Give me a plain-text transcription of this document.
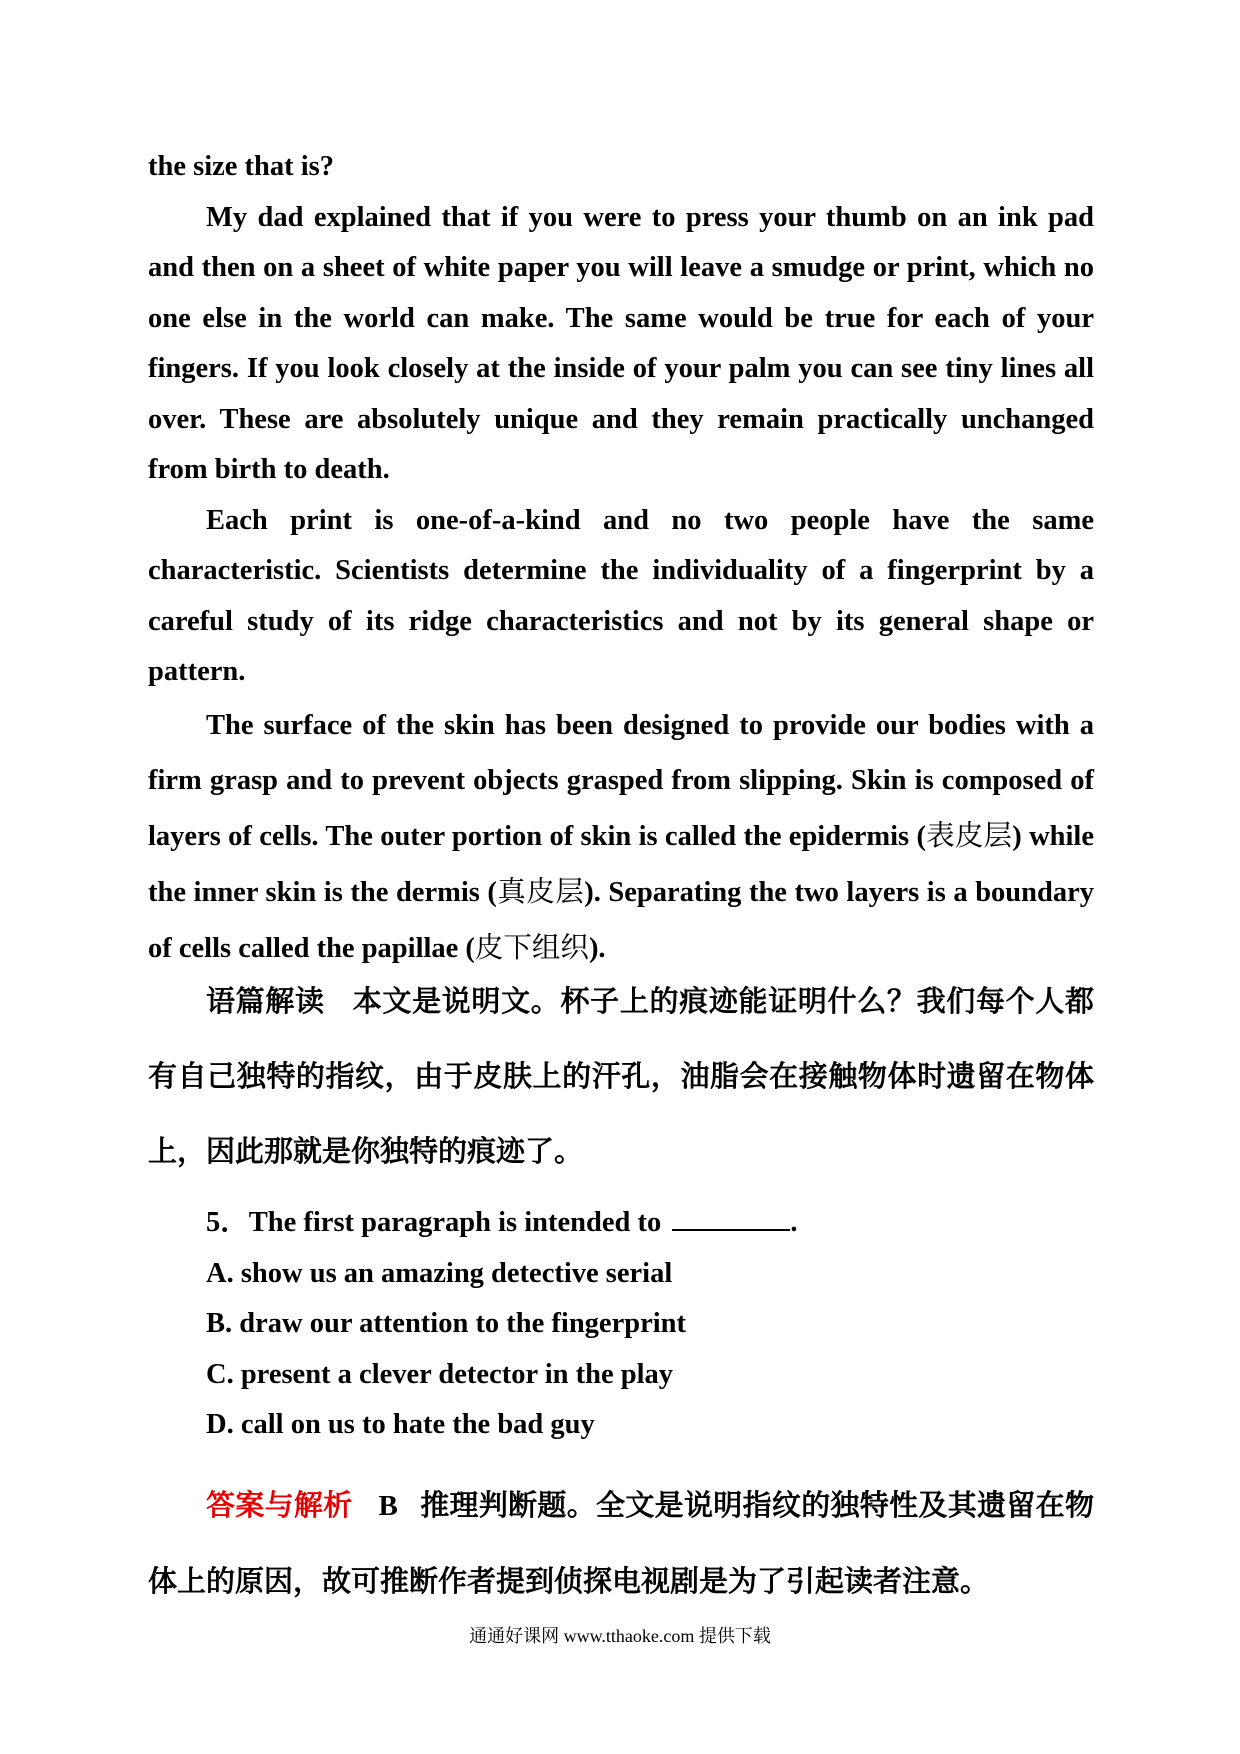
the size that is?

My dad explained that if you were to press your thumb on an ink pad and then on a sheet of white paper you will leave a smudge or print, which no one else in the world can make. The same would be true for each of your fingers. If you look closely at the inside of your palm you can see tiny lines all over. These are absolutely unique and they remain practically unchanged from birth to death.

Each print is one-of-a-kind and no two people have the same characteristic. Scientists determine the individuality of a fingerprint by a careful study of its ridge characteristics and not by its general shape or pattern.

The surface of the skin has been designed to provide our bodies with a firm grasp and to prevent objects grasped from slipping. Skin is composed of layers of cells. The outer portion of skin is called the epidermis (表皮层) while the inner skin is the dermis (真皮层). Separating the two layers is a boundary of cells called the papillae (皮下组织).

语篇解读 本文是说明文。杯子上的痕迹能证明什么？我们每个人都有自己独特的指纹，由于皮肤上的汗孔，油脂会在接触物体时遗留在物体上，因此那就是你独特的痕迹了。

5．The first paragraph is intended to	.
A. show us an amazing detective serial
B. draw our attention to the fingerprint
C. present a clever detector in the play
D. call on us to hate the bad guy

答案与解析 B 推理判断题。全文是说明指纹的独特性及其遗留在物体上的原因，故可推断作者提到侦探电视剧是为了引起读者注意。

通通好课网 www.tthaoke.com 提供下载
